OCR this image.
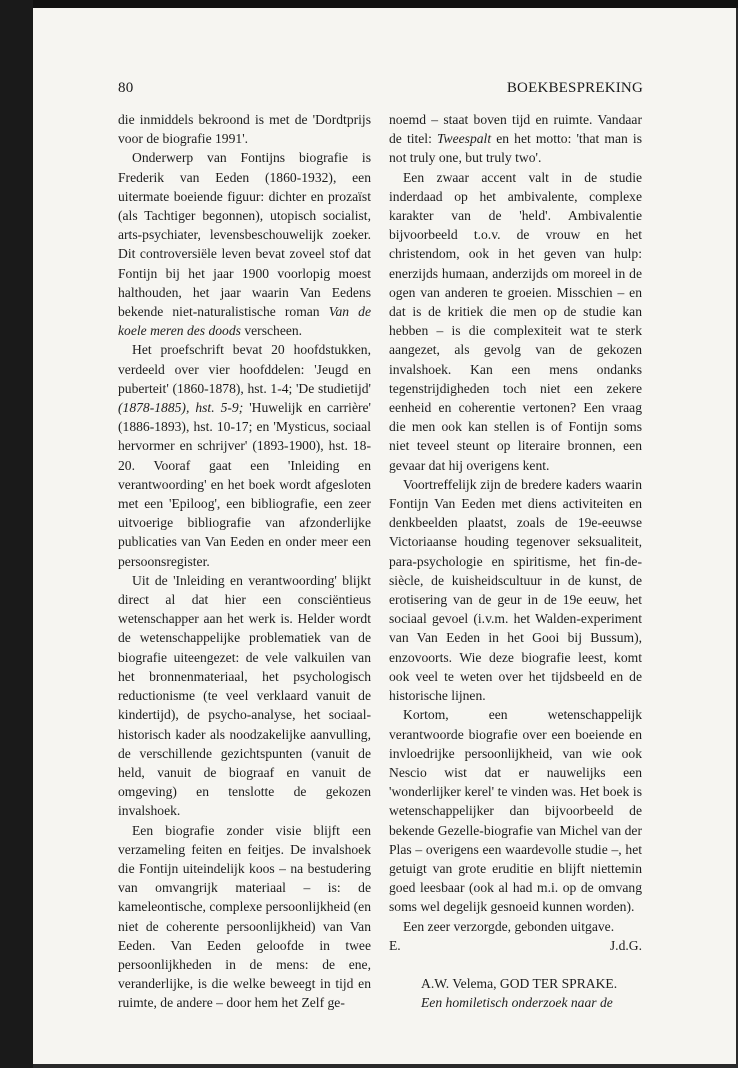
80	BOEKBESPREKING

die inmiddels bekroond is met de 'Dordtprijs voor de biografie 1991'.

Onderwerp van Fontijns biografie is Frederik van Eeden (1860-1932), een uitermate boeiende figuur: dichter en prozaïst (als Tachtiger begonnen), utopisch socialist, arts-psychiater, levensbeschouwelijk zoeker. Dit controversiële leven bevat zoveel stof dat Fontijn bij het jaar 1900 voorlopig moest halthouden, het jaar waarin Van Eedens bekende niet-naturalistische roman Van de koele meren des doods verscheen.

Het proefschrift bevat 20 hoofdstukken, verdeeld over vier hoofddelen: 'Jeugd en puberteit' (1860-1878), hst. 1-4; 'De studietijd' (1878-1885), hst. 5-9; 'Huwelijk en carrière' (1886-1893), hst. 10-17; en 'Mysticus, sociaal hervormer en schrijver' (1893-1900), hst. 18-20. Vooraf gaat een 'Inleiding en verantwoording' en het boek wordt afgesloten met een 'Epiloog', een bibliografie, een zeer uitvoerige bibliografie van afzonderlijke publicaties van Van Eeden en onder meer een persoonsregister.

Uit de 'Inleiding en verantwoording' blijkt direct al dat hier een consciëntieus wetenschapper aan het werk is. Helder wordt de wetenschappelijke problematiek van de biografie uiteengezet: de vele valkuilen van het bronnenmateriaal, het psychologisch reductionisme (te veel verklaard vanuit de kindertijd), de psycho-analyse, het sociaal-historisch kader als noodzakelijke aanvulling, de verschillende gezichtspunten (vanuit de held, vanuit de biograaf en vanuit de omgeving) en tenslotte de gekozen invalshoek.

Een biografie zonder visie blijft een verzameling feiten en feitjes. De invalshoek die Fontijn uiteindelijk koos – na bestudering van omvangrijk materiaal – is: de kameleontische, complexe persoonlijkheid (en niet de coherente persoonlijkheid) van Van Eeden. Van Eeden geloofde in twee persoonlijkheden in de mens: de ene, veranderlijke, is die welke beweegt in tijd en ruimte, de andere – door hem het Zelf ge-

noemd – staat boven tijd en ruimte. Vandaar de titel: Tweespalt en het motto: 'that man is not truly one, but truly two'.

Een zwaar accent valt in de studie inderdaad op het ambivalente, complexe karakter van de 'held'. Ambivalentie bijvoorbeeld t.o.v. de vrouw en het christendom, ook in het geven van hulp: enerzijds humaan, anderzijds om moreel in de ogen van anderen te groeien. Misschien – en dat is de kritiek die men op de studie kan hebben – is die complexiteit wat te sterk aangezet, als gevolg van de gekozen invalshoek. Kan een mens ondanks tegenstrijdigheden toch niet een zekere eenheid en coherentie vertonen? Een vraag die men ook kan stellen is of Fontijn soms niet teveel steunt op literaire bronnen, een gevaar dat hij overigens kent.

Voortreffelijk zijn de bredere kaders waarin Fontijn Van Eeden met diens activiteiten en denkbeelden plaatst, zoals de 19e-eeuwse Victoriaanse houding tegenover seksualiteit, para-psychologie en spiritisme, het fin-de-siècle, de kuisheidscultuur in de kunst, de erotisering van de geur in de 19e eeuw, het sociaal gevoel (i.v.m. het Walden-experiment van Van Eeden in het Gooi bij Bussum), enzovoorts. Wie deze biografie leest, komt ook veel te weten over het tijdsbeeld en de historische lijnen.

Kortom, een wetenschappelijk verantwoorde biografie over een boeiende en invloedrijke persoonlijkheid, van wie ook Nescio wist dat er nauwelijks een 'wonderlijker kerel' te vinden was. Het boek is wetenschappelijker dan bijvoorbeeld de bekende Gezelle-biografie van Michel van der Plas – overigens een waardevolle studie –, het getuigt van grote eruditie en blijft niettemin goed leesbaar (ook al had m.i. op de omvang soms wel degelijk gesnoeid kunnen worden).

Een zeer verzorgde, gebonden uitgave.

E.	J.d.G.
A.W. Velema, GOD TER SPRAKE.
Een homiletisch onderzoek naar de
